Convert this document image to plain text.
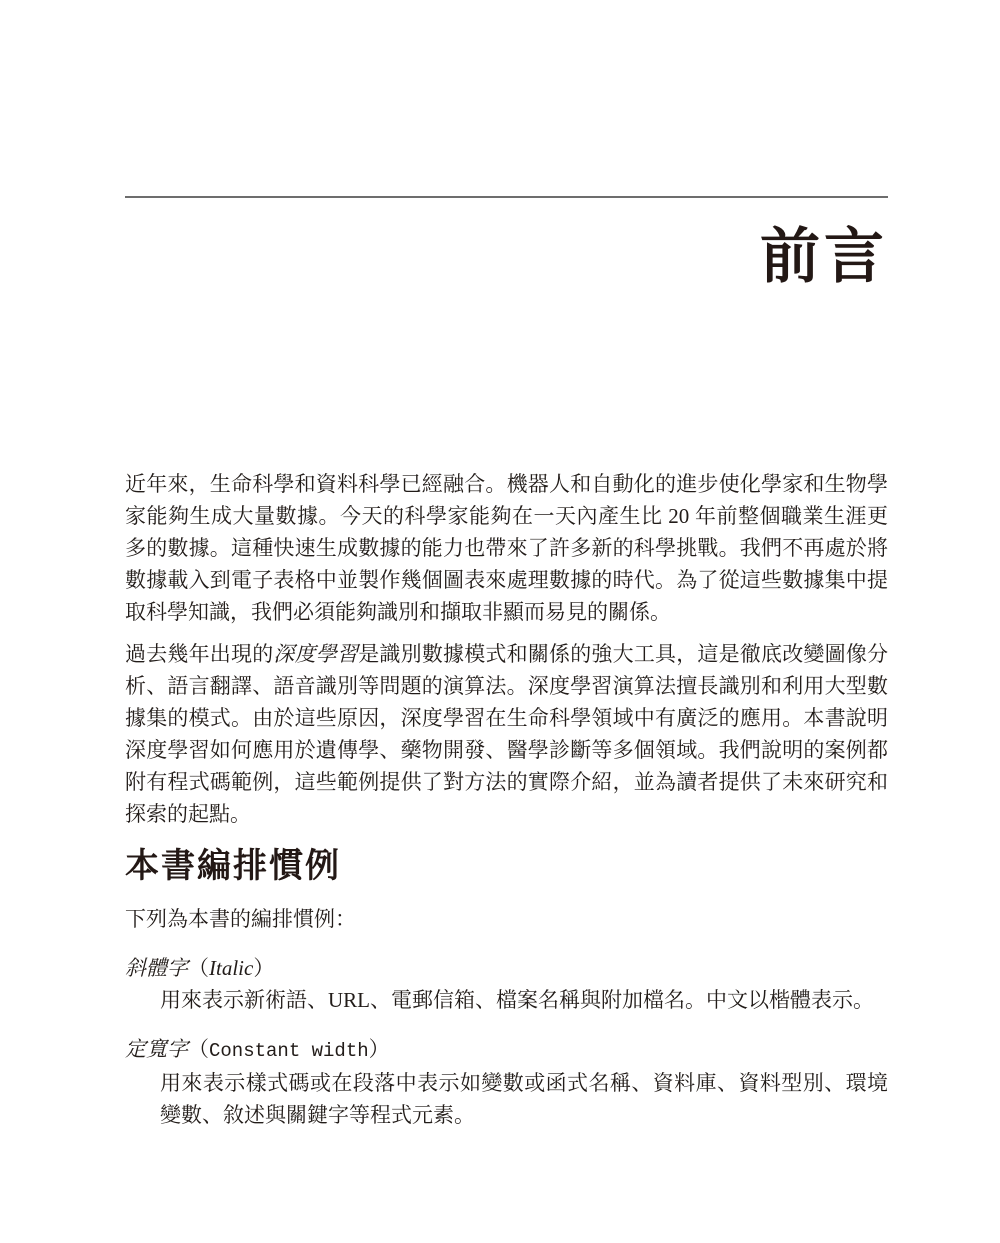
前言

近年來，生命科學和資料科學已經融合。機器人和自動化的進步使化學家和生物學家能夠生成大量數據。今天的科學家能夠在一天內產生比 20 年前整個職業生涯更多的數據。這種快速生成數據的能力也帶來了許多新的科學挑戰。我們不再處於將數據載入到電子表格中並製作幾個圖表來處理數據的時代。為了從這些數據集中提取科學知識，我們必須能夠識別和擷取非顯而易見的關係。

過去幾年出現的深度學習是識別數據模式和關係的強大工具，這是徹底改變圖像分析、語言翻譯、語音識別等問題的演算法。深度學習演算法擅長識別和利用大型數據集的模式。由於這些原因，深度學習在生命科學領域中有廣泛的應用。本書說明深度學習如何應用於遺傳學、藥物開發、醫學診斷等多個領域。我們說明的案例都附有程式碼範例，這些範例提供了對方法的實際介紹，並為讀者提供了未來研究和探索的起點。

本書編排慣例

下列為本書的編排慣例：

斜體字（Italic）

用來表示新術語、URL、電郵信箱、檔案名稱與附加檔名。中文以楷體表示。

定寬字（Constant width）

用來表示樣式碼或在段落中表示如變數或函式名稱、資料庫、資料型別、環境變數、敘述與關鍵字等程式元素。
